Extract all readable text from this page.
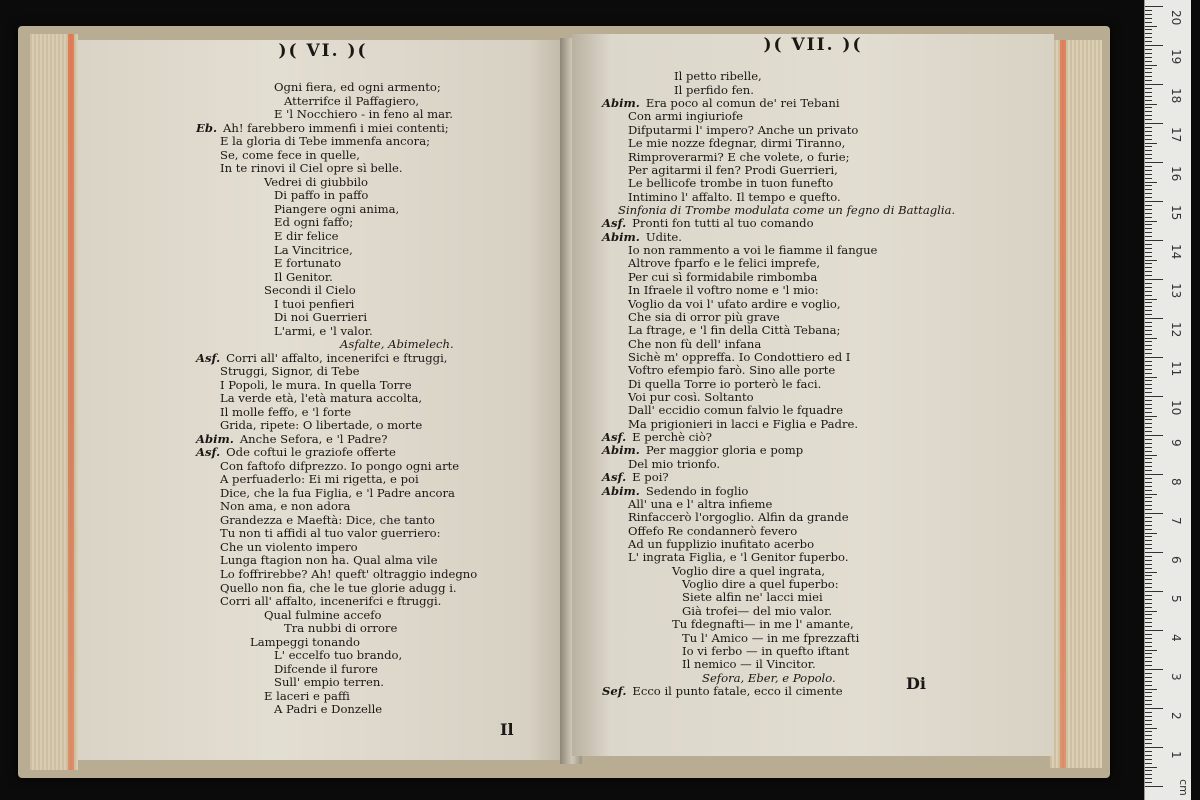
)( VI. )(
Ogni fiera, ed ogni armento;
Atterrifce il Paffagiero,
E 'l Nocchiero - in feno al mar.
Eb. Ah! farebbero immenfi i miei contenti;
E la gloria di Tebe immenfa ancora;
Se, come fece in quelle,
In te rinovi il Ciel opre sì belle.
Vedrei di giubbilo
Di paffo in paffo
Piangere ogni anima,
Ed ogni faffo;
E dir felice
La Vincitrice,
E fortunato
Il Genitor.
Secondi il Cielo
I tuoi penfieri
Di noi Guerrieri
L'armi, e 'l valor.
Asfalte, Abimelech.
Asf. Corri all' affalto, incenerifci e ftruggi,
Struggi, Signor, di Tebe
I Popoli, le mura. In quella Torre
La verde età, l'età matura accolta,
Il molle feffo, e 'l forte
Grida, ripete: O libertade, o morte
Abim. Anche Sefora, e 'l Padre?
Asf. Ode coftui le graziofe offerte
Con faftofo difprezzo. Io pongo ogni arte
A perfuaderlo: Ei mi rigetta, e poi
Dice, che la fua Figlia, e 'l Padre ancora
Non ama, e non adora
Grandezza e Maeftà: Dice, che tanto
Tu non ti affidi al tuo valor guerriero:
Che un violento impero
Lunga ftagion non ha. Qual alma vile
Lo foffrirebbe? Ah! queft' oltraggio indegno
Quello non fia, che le tue glorie adugg i.
Corri all' affalto, incenerifci e ftruggi.
Qual fulmine accefo
Tra nubbi di orrore
Lampeggi tonando
L' eccelfo tuo brando,
Difcende il furore
Sull' empio terren.
E laceri e paffi
A Padri e Donzelle
Il
)( VII. )(
Il petto ribelle,
Il perfido fen.
Abim. Era poco al comun de' rei Tebani
Con armi ingiuriofe
Difputarmi l' impero? Anche un privato
Le mie nozze fdegnar, dirmi Tiranno,
Rimproverarmi? E che volete, o furie;
Per agitarmi il fen? Prodi Guerrieri,
Le bellicofe trombe in tuon funefto
Intimino l' affalto. Il tempo e quefto.
Sinfonia di Trombe modulata come un fegno di Battaglia.
Asf. Pronti fon tutti al tuo comando
Abim. Udite.
Io non rammento a voi le fiamme il fangue
Altrove fparfo e le felici imprefe,
Per cui sì formidabile rimbomba
In Ifraele il voftro nome e 'l mio:
Voglio da voi l' ufato ardire e voglio,
Che sia di orror più grave
La ftrage, e 'l fin della Città Tebana;
Che non fù dell' infana
Sichè m' oppreffa. Io Condottiero ed I
Voftro efempio farò. Sino alle porte
Di quella Torre io porterò le faci.
Voi pur così. Soltanto
Dall' eccidio comun falvio le fquadre
Ma prigionieri in lacci e Figlia e Padre.
Asf. E perchè ciò?
Abim. Per maggior gloria e pomp
Del mio trionfo.
Asf. E poi?
Abim. Sedendo in foglio
All' una e l' altra infieme
Rinfaccerò l'orgoglio. Alfin da grande
Offefo Re condannerò fevero
Ad un fupplizio inufitato acerbo
L' ingrata Figlia, e 'l Genitor fuperbo.
Voglio dire a quel ingrata,
Voglio dire a quel fuperbo:
Siete alfin ne' lacci miei
Già trofei— del mio valor.
Tu fdegnafti— in me l' amante,
Tu l' Amico — in me fprezzafti
Io vi ferbo — in quefto iftant
Il nemico — il Vincitor.
Sefora, Eber, e Popolo.
Sef. Ecco il punto fatale, ecco il cimente	Di
20
19
18
17
16
15
14
13
12
11
10
9
8
7
6
5
4
3
2
1
cm
